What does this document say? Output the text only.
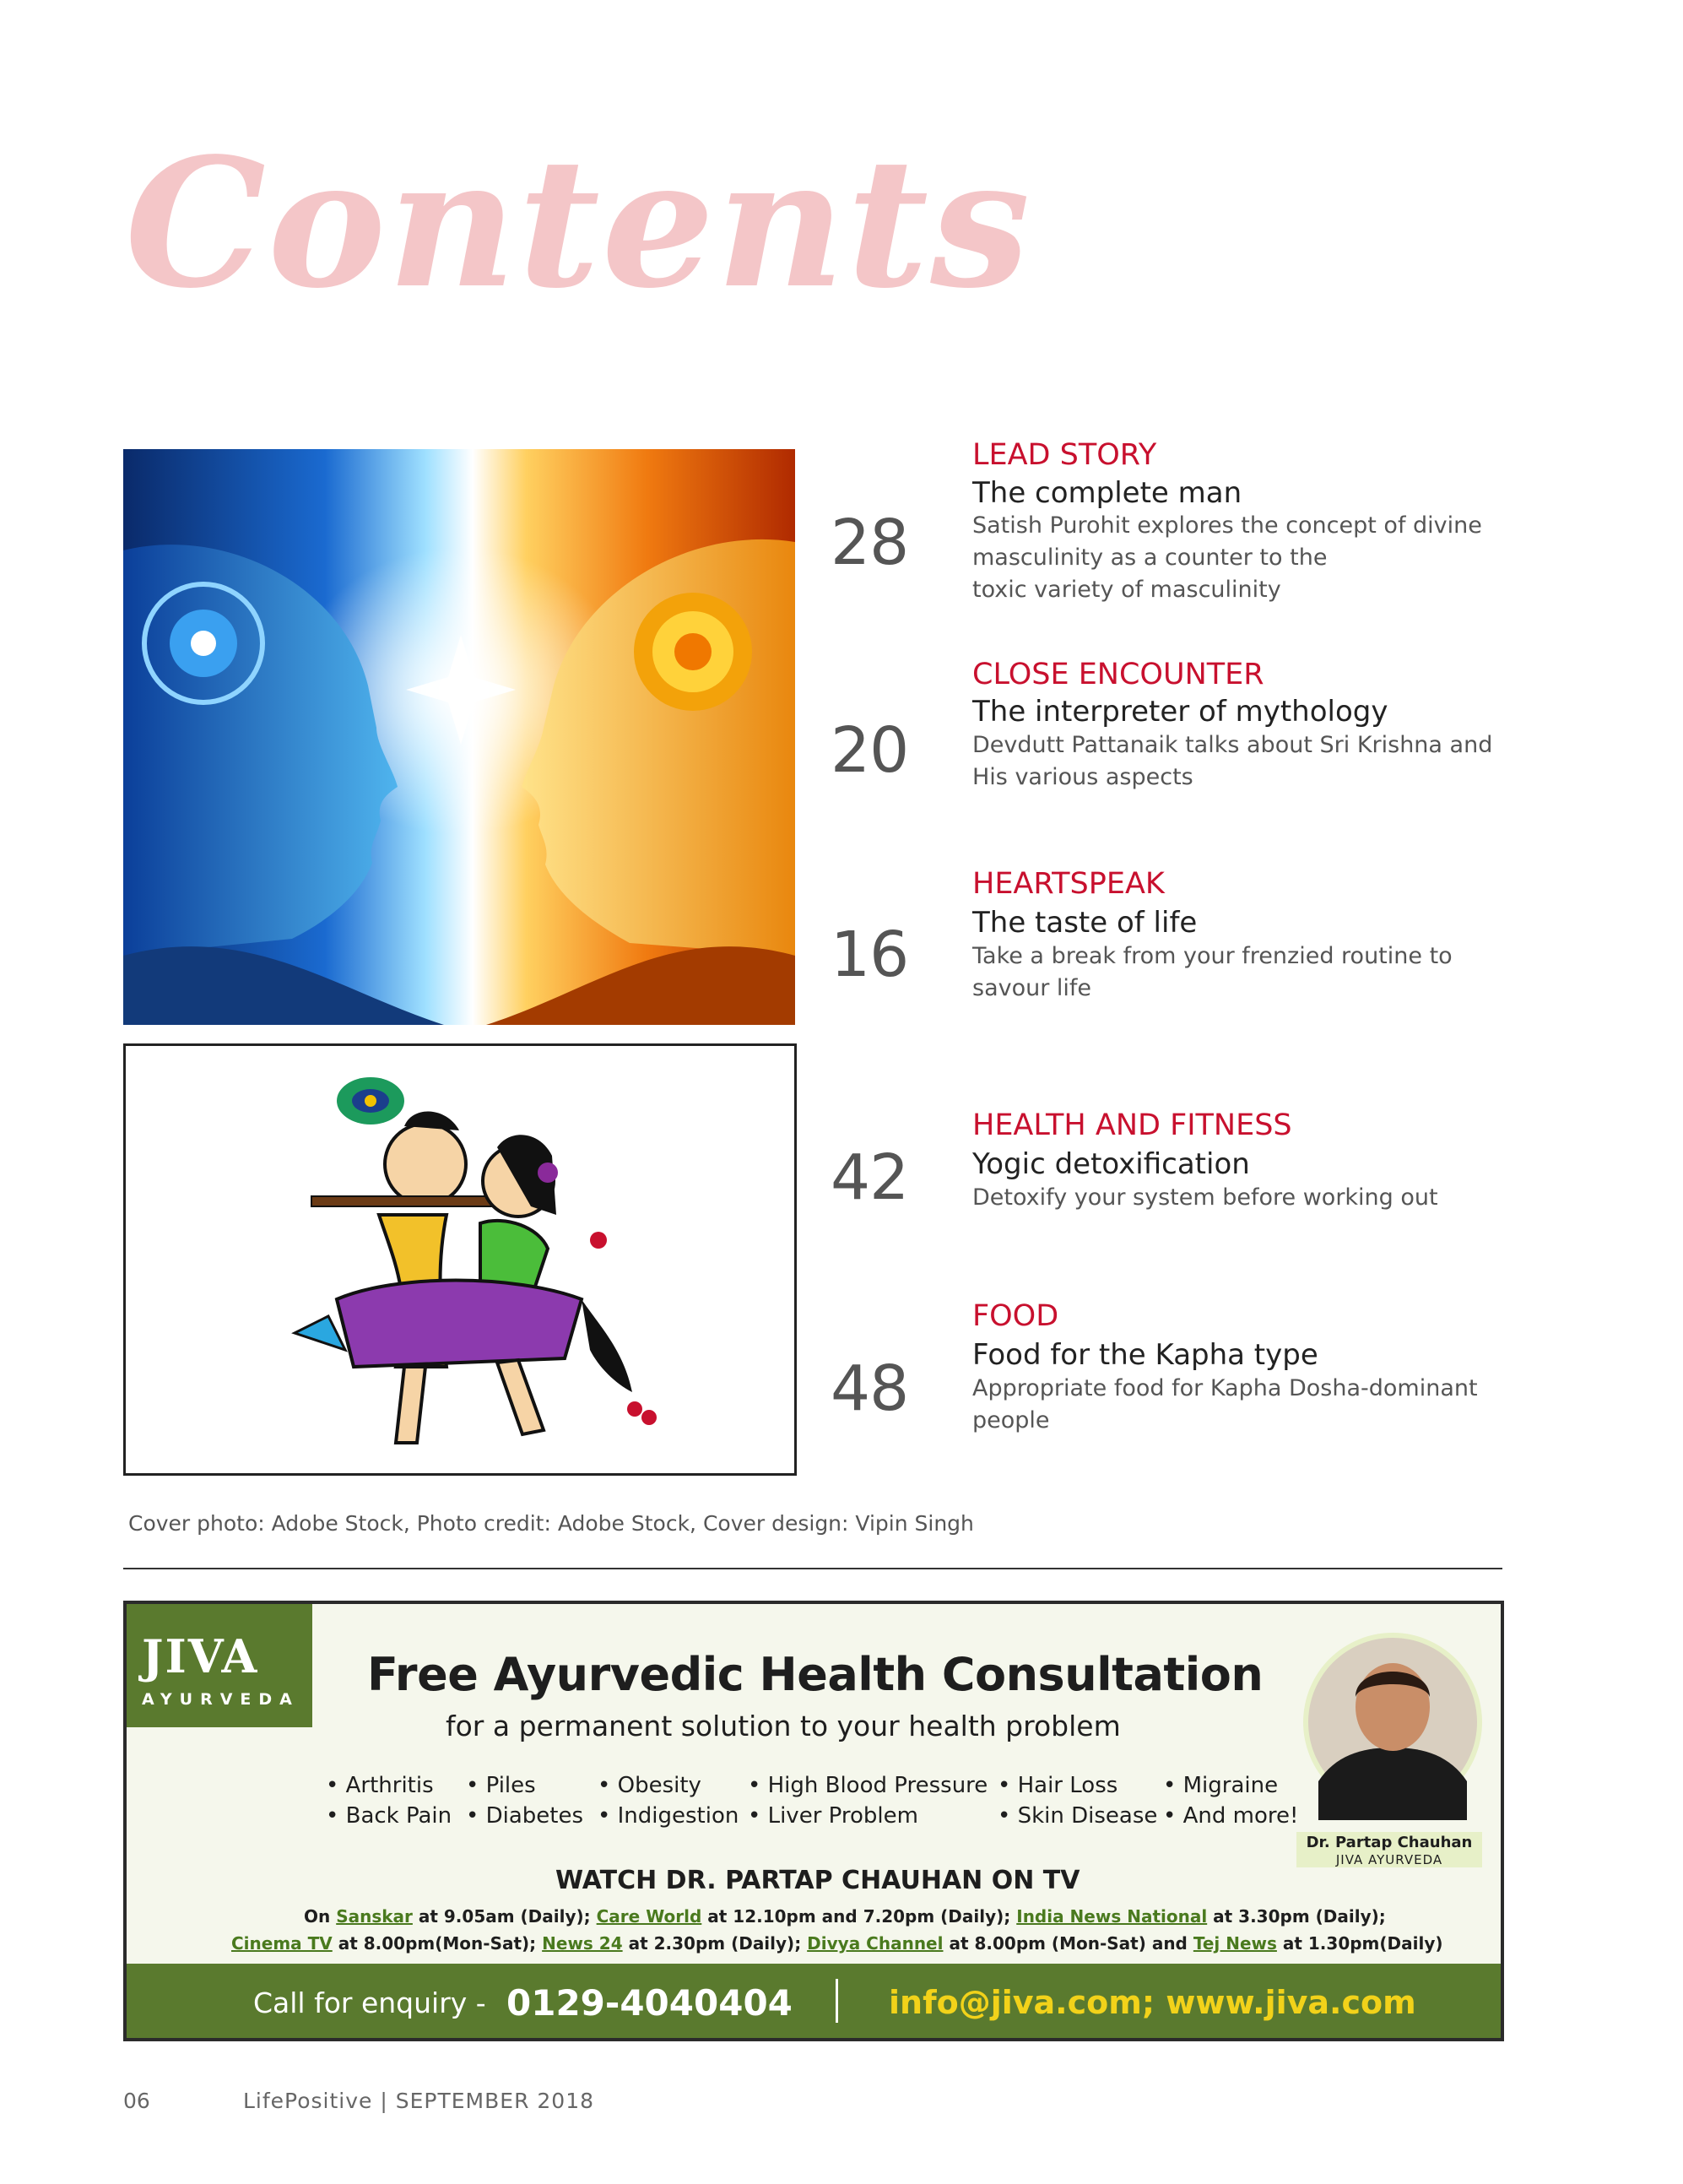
Contents
28
LEAD STORY
The complete man
Satish Purohit explores the concept of divine
masculinity as a counter to the
toxic variety of masculinity
20
CLOSE ENCOUNTER
The interpreter of mythology
Devdutt Pattanaik talks about Sri Krishna and
His various aspects
16
HEARTSPEAK
The taste of life
Take a break from your frenzied routine to
savour life
42
HEALTH AND FITNESS
Yogic detoxification
Detoxify your system before working out
48
FOOD
Food for the Kapha type
Appropriate food for Kapha Dosha-dominant
people
Cover photo: Adobe Stock, Photo credit: Adobe Stock, Cover design: Vipin Singh
JIVA
AYURVEDA Free Ayurvedic Health Consultation
for a permanent solution to your health problem
• Arthritis
• Back Pain
• Piles
• Diabetes
• Obesity
• Indigestion
• High Blood Pressure
• Liver Problem
• Hair Loss
• Skin Disease
• Migraine
• And more!
Dr. Partap Chauhan
JIVA AYURVEDA
WATCH DR. PARTAP CHAUHAN ON TV
On Sanskar at 9.05am (Daily); Care World at 12.10pm and 7.20pm (Daily); India News National at 3.30pm (Daily);
Cinema TV at 8.00pm(Mon-Sat); News 24 at 2.30pm (Daily); Divya Channel at 8.00pm (Mon-Sat) and Tej News at 1.30pm(Daily)
Call for enquiry - 0129-4040404	info@jiva.com; www.jiva.com
06	LifePositive | SEPTEMBER 2018
